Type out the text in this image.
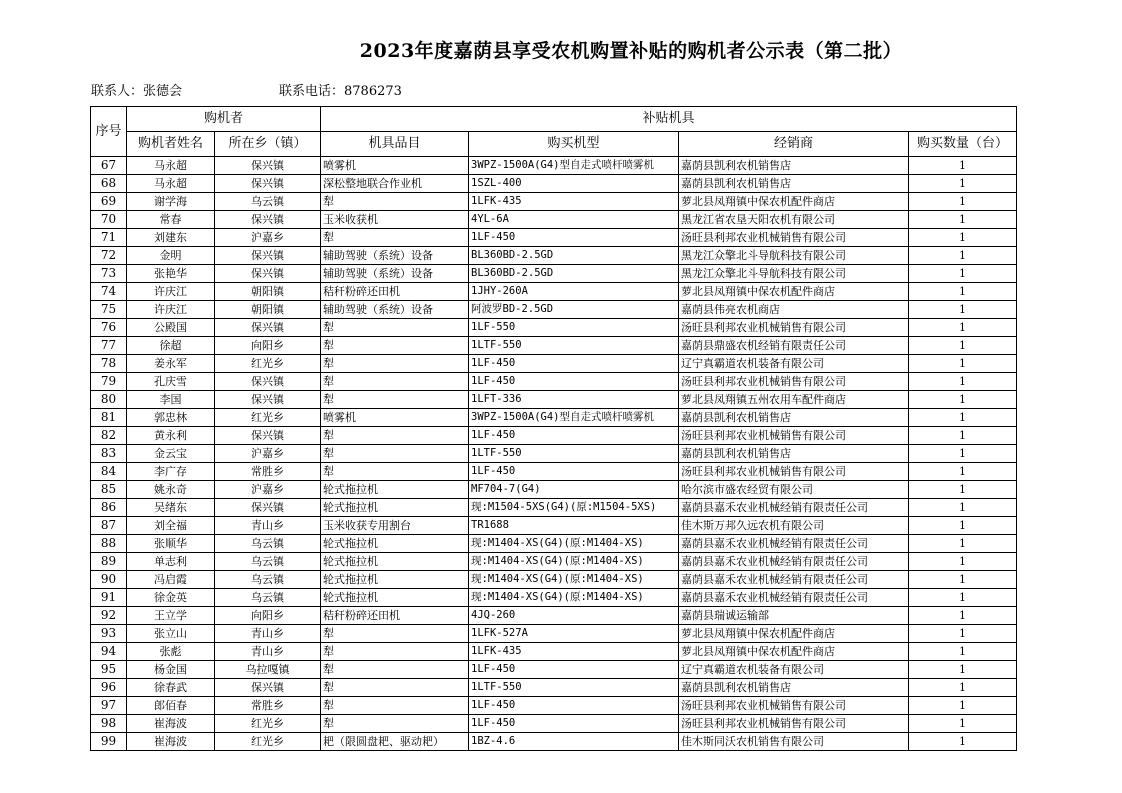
2023年度嘉荫县享受农机购置补贴的购机者公示表（第二批）
联系人：张德会	联系电话：8786273
序号	购机者		补贴机具			
	购机者姓名	所在乡（镇）	机具品目	购买机型	经销商	购买数量（台）
67	马永超	保兴镇	喷雾机	3WPZ-1500A(G4)型自走式喷杆喷雾机	嘉荫县凯利农机销售店	1
68	马永超	保兴镇	深松整地联合作业机	1SZL-400	嘉荫县凯利农机销售店	1
69	谢学海	乌云镇	犁	1LFK-435	萝北县凤翔镇中保农机配件商店	1
70	常春	保兴镇	玉米收获机	4YL-6A	黑龙江省农垦天阳农机有限公司	1
71	刘建东	沪嘉乡	犁	1LF-450	汤旺县利邦农业机械销售有限公司	1
72	金明	保兴镇	辅助驾驶（系统）设备	BL360BD-2.5GD	黑龙江众擎北斗导航科技有限公司	1
73	张艳华	保兴镇	辅助驾驶（系统）设备	BL360BD-2.5GD	黑龙江众擎北斗导航科技有限公司	1
74	许庆江	朝阳镇	秸秆粉碎还田机	1JHY-260A	萝北县凤翔镇中保农机配件商店	1
75	许庆江	朝阳镇	辅助驾驶（系统）设备	阿波罗BD-2.5GD	嘉荫县伟亮农机商店	1
76	公殿国	保兴镇	犁	1LF-550	汤旺县利邦农业机械销售有限公司	1
77	徐超	向阳乡	犁	1LTF-550	嘉荫县鼎盛农机经销有限责任公司	1
78	姜永军	红光乡	犁	1LF-450	辽宁真霸道农机装备有限公司	1
79	孔庆雪	保兴镇	犁	1LF-450	汤旺县利邦农业机械销售有限公司	1
80	李国	保兴镇	犁	1LFT-336	萝北县凤翔镇五州农用车配件商店	1
81	郭忠林	红光乡	喷雾机	3WPZ-1500A(G4)型自走式喷杆喷雾机	嘉荫县凯利农机销售店	1
82	黄永利	保兴镇	犁	1LF-450	汤旺县利邦农业机械销售有限公司	1
83	金云宝	沪嘉乡	犁	1LTF-550	嘉荫县凯利农机销售店	1
84	李广存	常胜乡	犁	1LF-450	汤旺县利邦农业机械销售有限公司	1
85	姚永奇	沪嘉乡	轮式拖拉机	MF704-7(G4)	哈尔滨市盛农经贸有限公司	1
86	吴绪东	保兴镇	轮式拖拉机	现:M1504-5XS(G4)(原:M1504-5XS)	嘉荫县嘉禾农业机械经销有限责任公司	1
87	刘全福	青山乡	玉米收获专用割台	TR1688	佳木斯万邦久远农机有限公司	1
88	张顺华	乌云镇	轮式拖拉机	现:M1404-XS(G4)(原:M1404-XS)	嘉荫县嘉禾农业机械经销有限责任公司	1
89	单志利	乌云镇	轮式拖拉机	现:M1404-XS(G4)(原:M1404-XS)	嘉荫县嘉禾农业机械经销有限责任公司	1
90	冯启霞	乌云镇	轮式拖拉机	现:M1404-XS(G4)(原:M1404-XS)	嘉荫县嘉禾农业机械经销有限责任公司	1
91	徐金英	乌云镇	轮式拖拉机	现:M1404-XS(G4)(原:M1404-XS)	嘉荫县嘉禾农业机械经销有限责任公司	1
92	王立学	向阳乡	秸秆粉碎还田机	4JQ-260	嘉荫县瑞诚运输部	1
93	张立山	青山乡	犁	1LFK-527A	萝北县凤翔镇中保农机配件商店	1
94	张彪	青山乡	犁	1LFK-435	萝北县凤翔镇中保农机配件商店	1
95	杨金国	乌拉嘎镇	犁	1LF-450	辽宁真霸道农机装备有限公司	1
96	徐春武	保兴镇	犁	1LTF-550	嘉荫县凯利农机销售店	1
97	郎佰春	常胜乡	犁	1LF-450	汤旺县利邦农业机械销售有限公司	1
98	崔海波	红光乡	犁	1LF-450	汤旺县利邦农业机械销售有限公司	1
99	崔海波	红光乡	耙（限圆盘耙、驱动耙）	1BZ-4.6	佳木斯同沃农机销售有限公司	1
